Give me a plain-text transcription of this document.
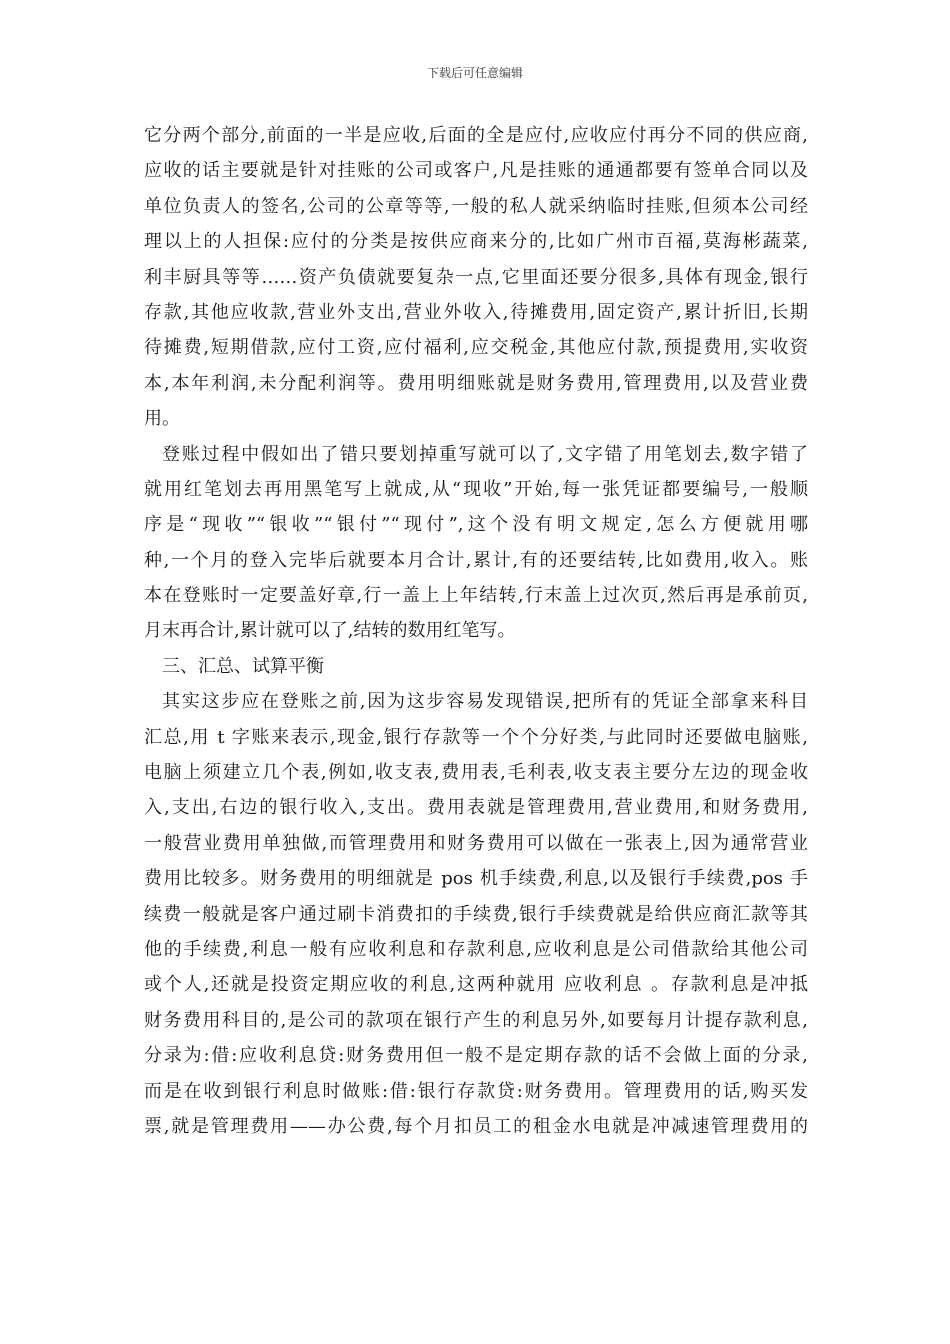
下载后可任意编辑
它分两个部分,前面的一半是应收,后面的全是应付,应收应付再分不同的供应商,
应收的话主要就是针对挂账的公司或客户,凡是挂账的通通都要有签单合同以及
单位负责人的签名,公司的公章等等,一般的私人就采纳临时挂账,但须本公司经
理以上的人担保:应付的分类是按供应商来分的,比如广州市百福,莫海彬蔬菜,
利丰厨具等等……资产负债就要复杂一点,它里面还要分很多,具体有现金,银行
存款,其他应收款,营业外支出,营业外收入,待摊费用,固定资产,累计折旧,长期
待摊费,短期借款,应付工资,应付福利,应交税金,其他应付款,预提费用,实收资
本,本年利润,未分配利润等。费用明细账就是财务费用,管理费用,以及营业费
用。
登账过程中假如出了错只要划掉重写就可以了,文字错了用笔划去,数字错了
就用红笔划去再用黑笔写上就成,从“现收”开始,每一张凭证都要编号,一般顺
序是“现收”“银收”“银付”“现付”,这个没有明文规定,怎么方便就用哪
种,一个月的登入完毕后就要本月合计,累计,有的还要结转,比如费用,收入。账
本在登账时一定要盖好章,行一盖上上年结转,行末盖上过次页,然后再是承前页,
月末再合计,累计就可以了,结转的数用红笔写。
三、汇总、试算平衡
其实这步应在登账之前,因为这步容易发现错误,把所有的凭证全部拿来科目
汇总,用 t 字账来表示,现金,银行存款等一个个分好类,与此同时还要做电脑账,
电脑上须建立几个表,例如,收支表,费用表,毛利表,收支表主要分左边的现金收
入,支出,右边的银行收入,支出。费用表就是管理费用,营业费用,和财务费用,
一般营业费用单独做,而管理费用和财务费用可以做在一张表上,因为通常营业
费用比较多。财务费用的明细就是 pos 机手续费,利息,以及银行手续费,pos 手
续费一般就是客户通过刷卡消费扣的手续费,银行手续费就是给供应商汇款等其
他的手续费,利息一般有应收利息和存款利息,应收利息是公司借款给其他公司
或个人,还就是投资定期应收的利息,这两种就用 应收利息 。存款利息是冲抵
财务费用科目的,是公司的款项在银行产生的利息另外,如要每月计提存款利息,
分录为:借:应收利息贷:财务费用但一般不是定期存款的话不会做上面的分录,
而是在收到银行利息时做账:借:银行存款贷:财务费用。管理费用的话,购买发
票,就是管理费用——办公费,每个月扣员工的租金水电就是冲减速管理费用的
